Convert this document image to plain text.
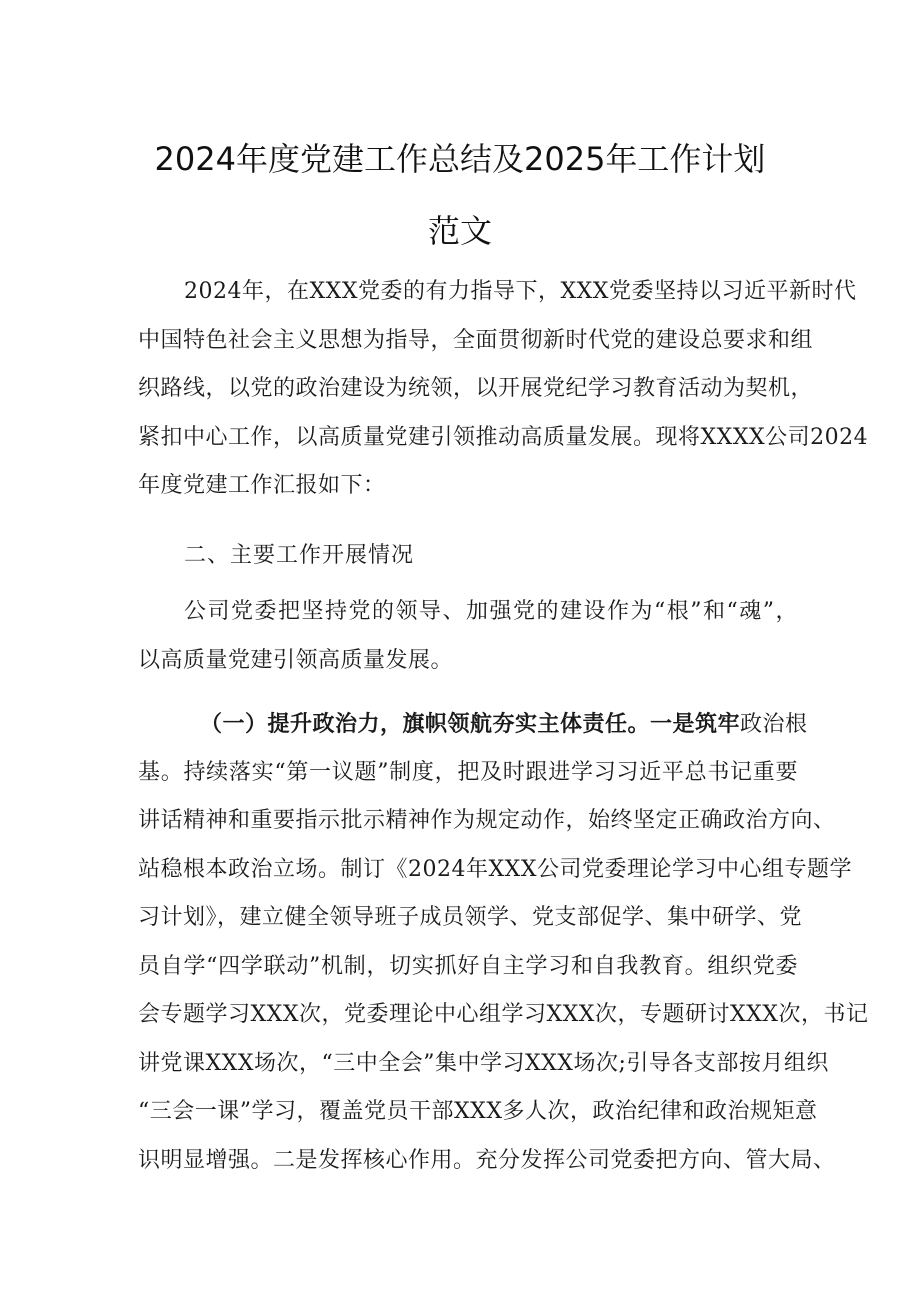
2024年度党建工作总结及2025年工作计划
范文
2024年，在XXX党委的有力指导下，XXX党委坚持以习近平新时代
中国特色社会主义思想为指导，全面贯彻新时代党的建设总要求和组
织路线，以党的政治建设为统领，以开展党纪学习教育活动为契机，
紧扣中心工作，以高质量党建引领推动高质量发展。现将XXXX公司2024
年度党建工作汇报如下：
二、主要工作开展情况
公司党委把坚持党的领导、加强党的建设作为“根”和“魂”，
以高质量党建引领高质量发展。
（一）提升政治力，旗帜领航夯实主体责任。一是筑牢政治根
基。持续落实“第一议题”制度，把及时跟进学习习近平总书记重要
讲话精神和重要指示批示精神作为规定动作，始终坚定正确政治方向、
站稳根本政治立场。制订《2024年XXX公司党委理论学习中心组专题学
习计划》，建立健全领导班子成员领学、党支部促学、集中研学、党
员自学“四学联动”机制，切实抓好自主学习和自我教育。组织党委
会专题学习XXX次，党委理论中心组学习XXX次，专题研讨XXX次，书记
讲党课XXX场次，“三中全会”集中学习XXX场次;引导各支部按月组织
“三会一课”学习，覆盖党员干部XXX多人次，政治纪律和政治规矩意
识明显增强。二是发挥核心作用。充分发挥公司党委把方向、管大局、
